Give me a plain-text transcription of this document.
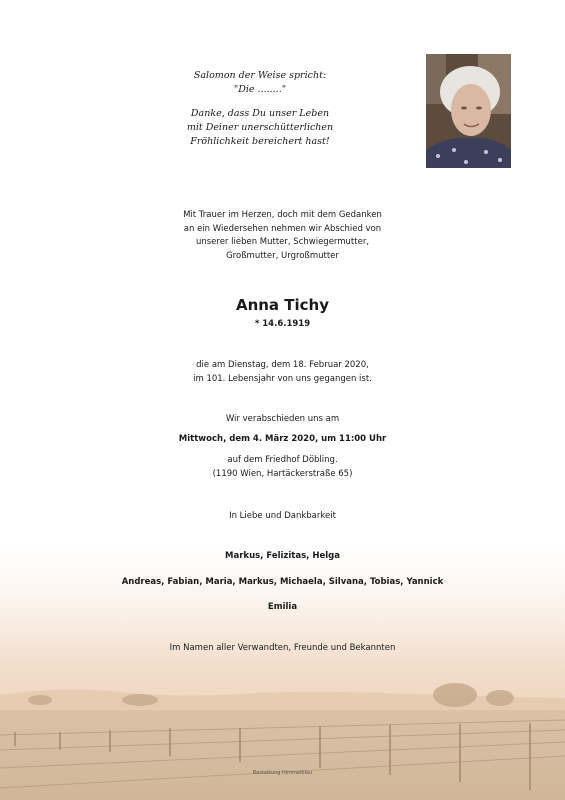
Salomon der Weise spricht:
"Die ........"
Danke, dass Du unser Leben
mit Deiner unerschütterlichen
Fröhlichkeit bereichert hast!
Mit Trauer im Herzen, doch mit dem Gedanken
an ein Wiedersehen nehmen wir Abschied von
unserer lieben Mutter, Schwiegermutter,
Großmutter, Urgroßmutter
Anna Tichy
* 14.6.1919
die am Dienstag, dem 18. Februar 2020,
im 101. Lebensjahr von uns gegangen ist.
Wir verabschieden uns am
Mittwoch, dem 4. März 2020, um 11:00 Uhr
auf dem Friedhof Döbling.
(1190 Wien, Hartäckerstraße 65)
In Liebe und Dankbarkeit
Markus, Felizitas, Helga
Andreas, Fabian, Maria, Markus, Michaela, Silvana, Tobias, Yannick
Emilia
Im Namen aller Verwandten, Freunde und Bekannten
Bestattung Himmelblau
